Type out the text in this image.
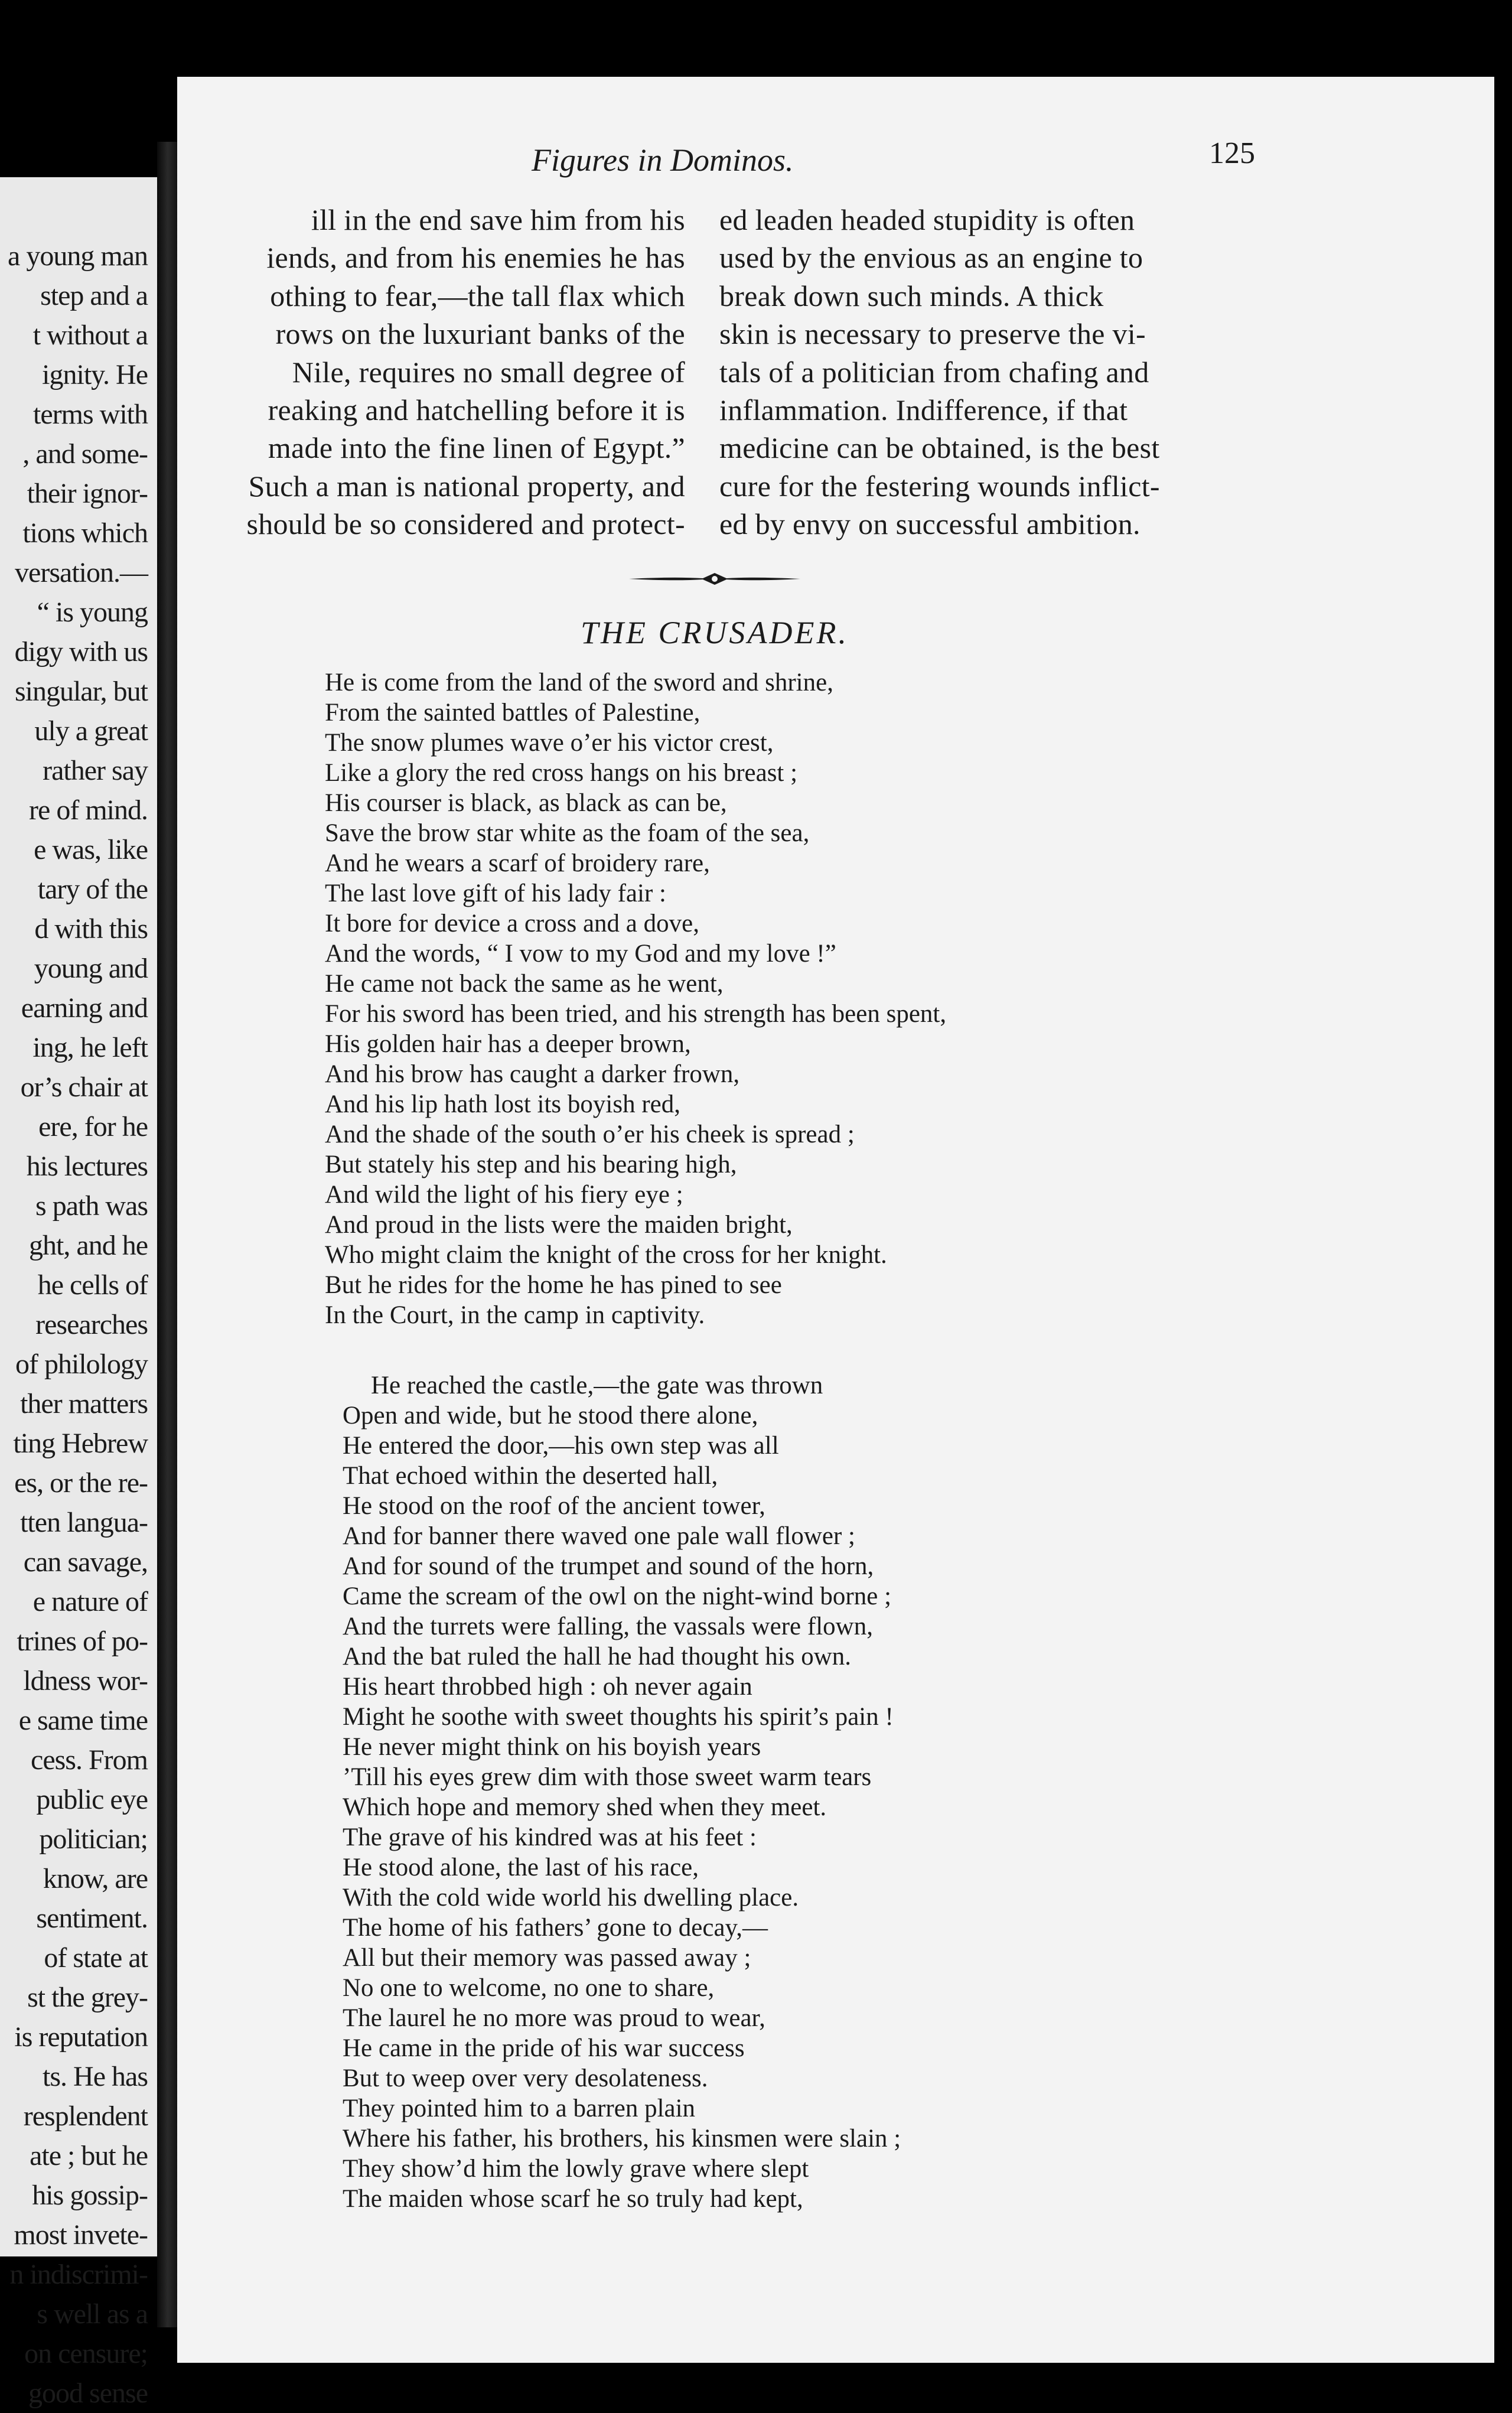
a young man
step and a
t without a
ignity. He
terms with
, and some-
their ignor-
tions which
versation.—
“ is young
digy with us
singular, but
uly a great
rather say
re of mind.
e was, like
tary of the
d with this
young and
earning and
ing, he left
or’s chair at
ere, for he
his lectures
s path was
ght, and he
he cells of
researches
of philology
ther matters
ting Hebrew
es, or the re-
tten langua-
can savage,
e nature of
trines of po-
ldness wor-
e same time
cess. From
public eye
politician;
know, are
sentiment.
of state at
st the grey-
is reputation
ts. He has
resplendent
ate ; but he
his gossip-
most invete-
n indiscrimi-
s well as a
on censure;
good sense
Figures in Dominos.	125
ill in the end save him from his
iends, and from his enemies he has
othing to fear,—the tall flax which
rows on the luxuriant banks of the
Nile, requires no small degree of
reaking and hatchelling before it is
made into the fine linen of Egypt.”
Such a man is national property, and
should be so considered and protect-
ed leaden headed stupidity is often
used by the envious as an engine to
break down such minds. A thick
skin is necessary to preserve the vi-
tals of a politician from chafing and
inflammation. Indifference, if that
medicine can be obtained, is the best
cure for the festering wounds inflict-
ed by envy on successful ambition.
THE CRUSADER.
He is come from the land of the sword and shrine,
From the sainted battles of Palestine,
The snow plumes wave o’er his victor crest,
Like a glory the red cross hangs on his breast ;
His courser is black, as black as can be,
Save the brow star white as the foam of the sea,
And he wears a scarf of broidery rare,
The last love gift of his lady fair :
It bore for device a cross and a dove,
And the words, “ I vow to my God and my love !”
He came not back the same as he went,
For his sword has been tried, and his strength has been spent,
His golden hair has a deeper brown,
And his brow has caught a darker frown,
And his lip hath lost its boyish red,
And the shade of the south o’er his cheek is spread ;
But stately his step and his bearing high,
And wild the light of his fiery eye ;
And proud in the lists were the maiden bright,
Who might claim the knight of the cross for her knight.
But he rides for the home he has pined to see
In the Court, in the camp in captivity.
He reached the castle,—the gate was thrown
Open and wide, but he stood there alone,
He entered the door,—his own step was all
That echoed within the deserted hall,
He stood on the roof of the ancient tower,
And for banner there waved one pale wall flower ;
And for sound of the trumpet and sound of the horn,
Came the scream of the owl on the night-wind borne ;
And the turrets were falling, the vassals were flown,
And the bat ruled the hall he had thought his own.
His heart throbbed high : oh never again
Might he soothe with sweet thoughts his spirit’s pain !
He never might think on his boyish years
’Till his eyes grew dim with those sweet warm tears
Which hope and memory shed when they meet.
The grave of his kindred was at his feet :
He stood alone, the last of his race,
With the cold wide world his dwelling place.
The home of his fathers’ gone to decay,—
All but their memory was passed away ;
No one to welcome, no one to share,
The laurel he no more was proud to wear,
He came in the pride of his war success
But to weep over very desolateness.
They pointed him to a barren plain
Where his father, his brothers, his kinsmen were slain ;
They show’d him the lowly grave where slept
The maiden whose scarf he so truly had kept,
